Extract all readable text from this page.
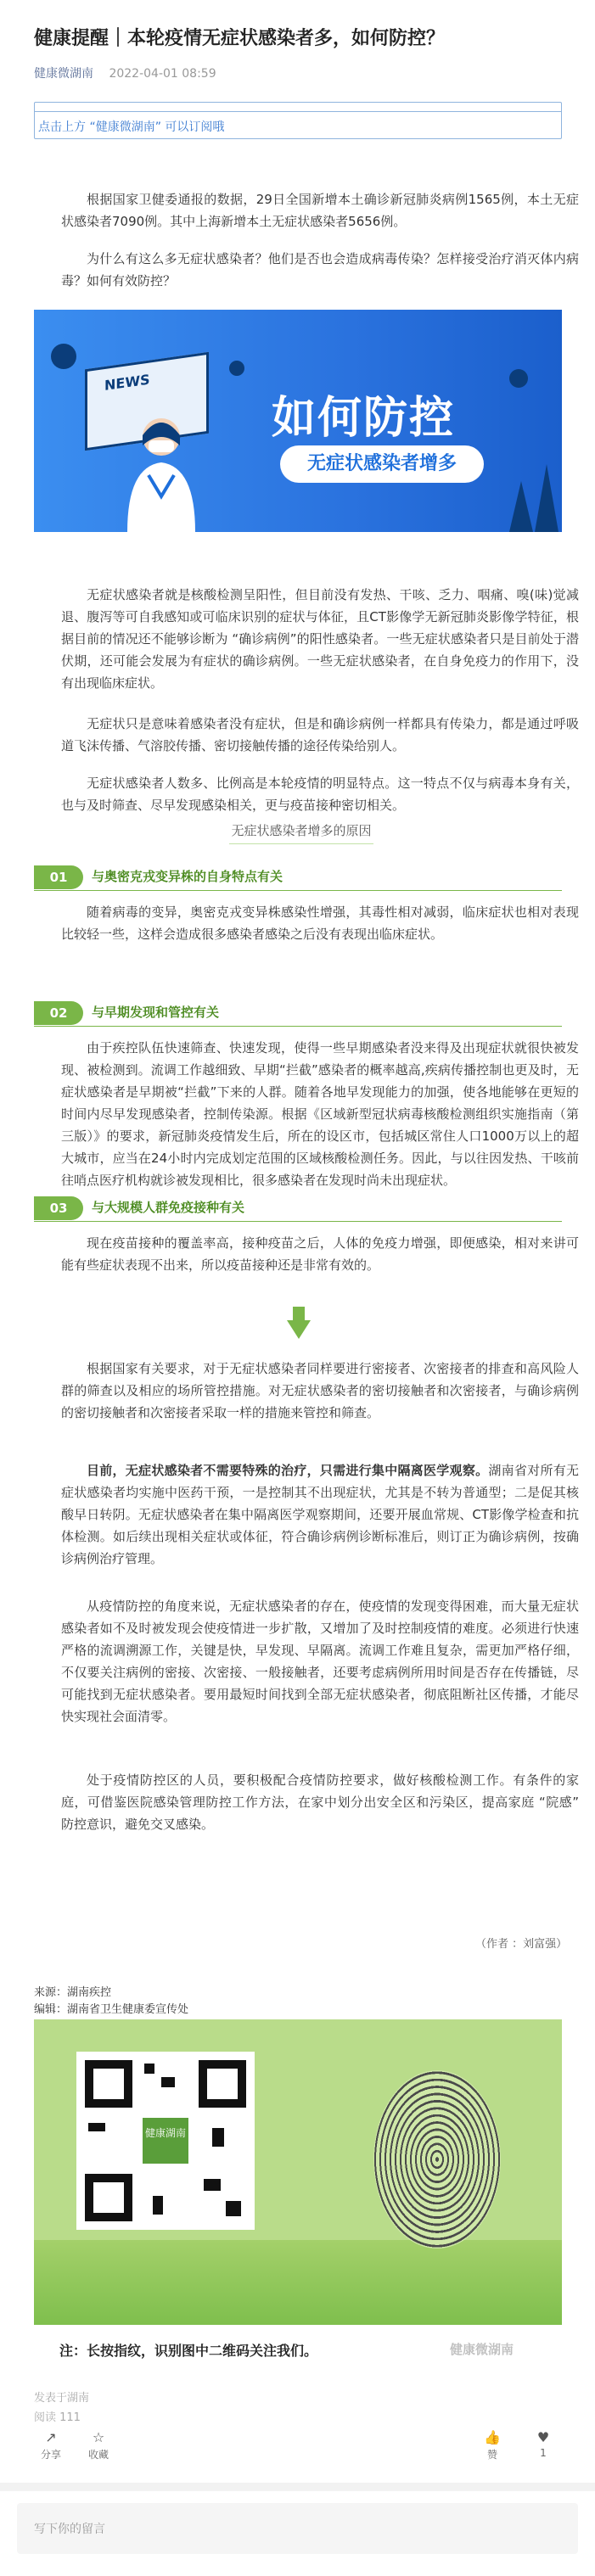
健康提醒｜本轮疫情无症状感染者多，如何防控？
健康微湖南 2022-04-01 08:59
点击上方 “健康微湖南” 可以订阅哦

根据国家卫健委通报的数据，29日全国新增本土确诊新冠肺炎病例1565例，本土无症状感染者7090例。其中上海新增本土无症状感染者5656例。

为什么有这么多无症状感染者？他们是否也会造成病毒传染？怎样接受治疗消灭体内病毒？如何有效防控？

NEWS
如何防控
无症状感染者增多

无症状感染者就是核酸检测呈阳性，但目前没有发热、干咳、乏力、咽痛、嗅(味)觉减退、腹泻等可自我感知或可临床识别的症状与体征，且CT影像学无新冠肺炎影像学特征，根据目前的情况还不能够诊断为 “确诊病例”的阳性感染者。一些无症状感染者只是目前处于潜伏期，还可能会发展为有症状的确诊病例。一些无症状感染者，在自身免疫力的作用下，没有出现临床症状。

无症状只是意味着感染者没有症状，但是和确诊病例一样都具有传染力，都是通过呼吸道飞沫传播、气溶胶传播、密切接触传播的途径传染给别人。

无症状感染者人数多、比例高是本轮疫情的明显特点。这一特点不仅与病毒本身有关，也与及时筛查、尽早发现感染相关，更与疫苗接种密切相关。

无症状感染者增多的原因
01	与奥密克戎变异株的自身特点有关

随着病毒的变异，奥密克戎变异株感染性增强，其毒性相对减弱，临床症状也相对表现比较轻一些，这样会造成很多感染者感染之后没有表现出临床症状。

02	与早期发现和管控有关

由于疾控队伍快速筛查、快速发现，使得一些早期感染者没来得及出现症状就很快被发现、被检测到。流调工作越细致、早期“拦截”感染者的概率越高,疾病传播控制也更及时，无症状感染者是早期被“拦截”下来的人群。随着各地早发现能力的加强，使各地能够在更短的时间内尽早发现感染者，控制传染源。根据《区域新型冠状病毒核酸检测组织实施指南（第三版）》的要求，新冠肺炎疫情发生后，所在的设区市，包括城区常住人口1000万以上的超大城市，应当在24小时内完成划定范围的区域核酸检测任务。因此，与以往因发热、干咳前往哨点医疗机构就诊被发现相比，很多感染者在发现时尚未出现症状。

03	与大规模人群免疫接种有关

现在疫苗接种的覆盖率高，接种疫苗之后，人体的免疫力增强，即便感染，相对来讲可能有些症状表现不出来，所以疫苗接种还是非常有效的。

根据国家有关要求，对于无症状感染者同样要进行密接者、次密接者的排查和高风险人群的筛查以及相应的场所管控措施。对无症状感染者的密切接触者和次密接者，与确诊病例的密切接触者和次密接者采取一样的措施来管控和筛查。

目前，无症状感染者不需要特殊的治疗，只需进行集中隔离医学观察。湖南省对所有无症状感染者均实施中医药干预，一是控制其不出现症状，尤其是不转为普通型；二是促其核酸早日转阴。无症状感染者在集中隔离医学观察期间，还要开展血常规、CT影像学检查和抗体检测。如后续出现相关症状或体征，符合确诊病例诊断标准后，则订正为确诊病例，按确诊病例治疗管理。

从疫情防控的角度来说，无症状感染者的存在，使疫情的发现变得困难，而大量无症状感染者如不及时被发现会使疫情进一步扩散，又增加了及时控制疫情的难度。必须进行快速严格的流调溯源工作，关键是快，早发现、早隔离。流调工作难且复杂，需更加严格仔细，不仅要关注病例的密接、次密接、一般接触者，还要考虑病例所用时间是否存在传播链，尽可能找到无症状感染者。要用最短时间找到全部无症状感染者，彻底阻断社区传播，才能尽快实现社会面清零。

处于疫情防控区的人员，要积极配合疫情防控要求，做好核酸检测工作。有条件的家庭，可借鉴医院感染管理防控工作方法，在家中划分出安全区和污染区，提高家庭 “院感” 防控意识，避免交叉感染。

（作者 ：刘富强）
来源：湖南疾控
编辑：湖南省卫生健康委宣传处
健康湖南
注：长按指纹，识别图中二维码关注我们。	健康微湖南
发表于湖南
阅读 111
↗
分享
☆
收藏
👍
赞
♥
1
写下你的留言
